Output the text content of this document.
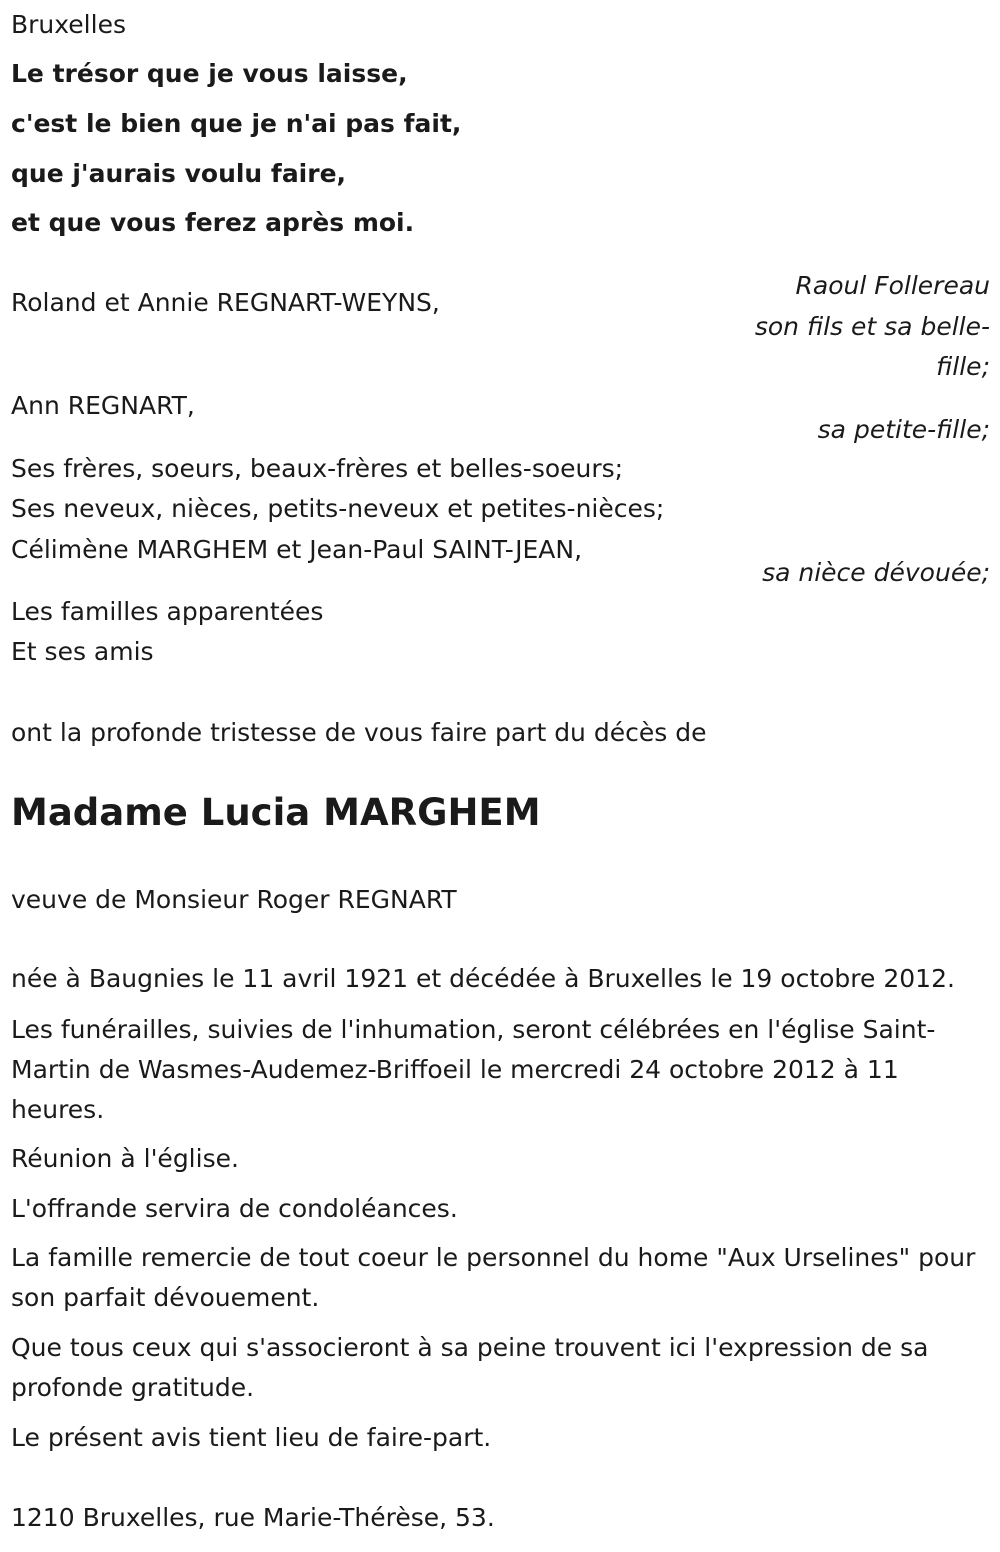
Bruxelles
Le trésor que je vous laisse,
c'est le bien que je n'ai pas fait,
que j'aurais voulu faire,
et que vous ferez après moi.
Raoul Follereau
Roland et Annie REGNART-WEYNS,
son fils et sa belle-
fille;
Ann REGNART,
sa petite-fille;
Ses frères, soeurs, beaux-frères et belles-soeurs;
Ses neveux, nièces, petits-neveux et petites-nièces;
Célimène MARGHEM et Jean-Paul SAINT-JEAN,
sa nièce dévouée;
Les familles apparentées
Et ses amis
ont la profonde tristesse de vous faire part du décès de
Madame Lucia MARGHEM
veuve de Monsieur Roger REGNART
née à Baugnies le 11 avril 1921 et décédée à Bruxelles le 19 octobre 2012.
Les funérailles, suivies de l'inhumation, seront célébrées en l'église Saint-Martin de Wasmes-Audemez-Briffoeil le mercredi 24 octobre 2012 à 11 heures.
Réunion à l'église.
L'offrande servira de condoléances.
La famille remercie de tout coeur le personnel du home "Aux Urselines" pour son parfait dévouement.
Que tous ceux qui s'associeront à sa peine trouvent ici l'expression de sa profonde gratitude.
Le présent avis tient lieu de faire-part.
1210 Bruxelles, rue Marie-Thérèse, 53.
